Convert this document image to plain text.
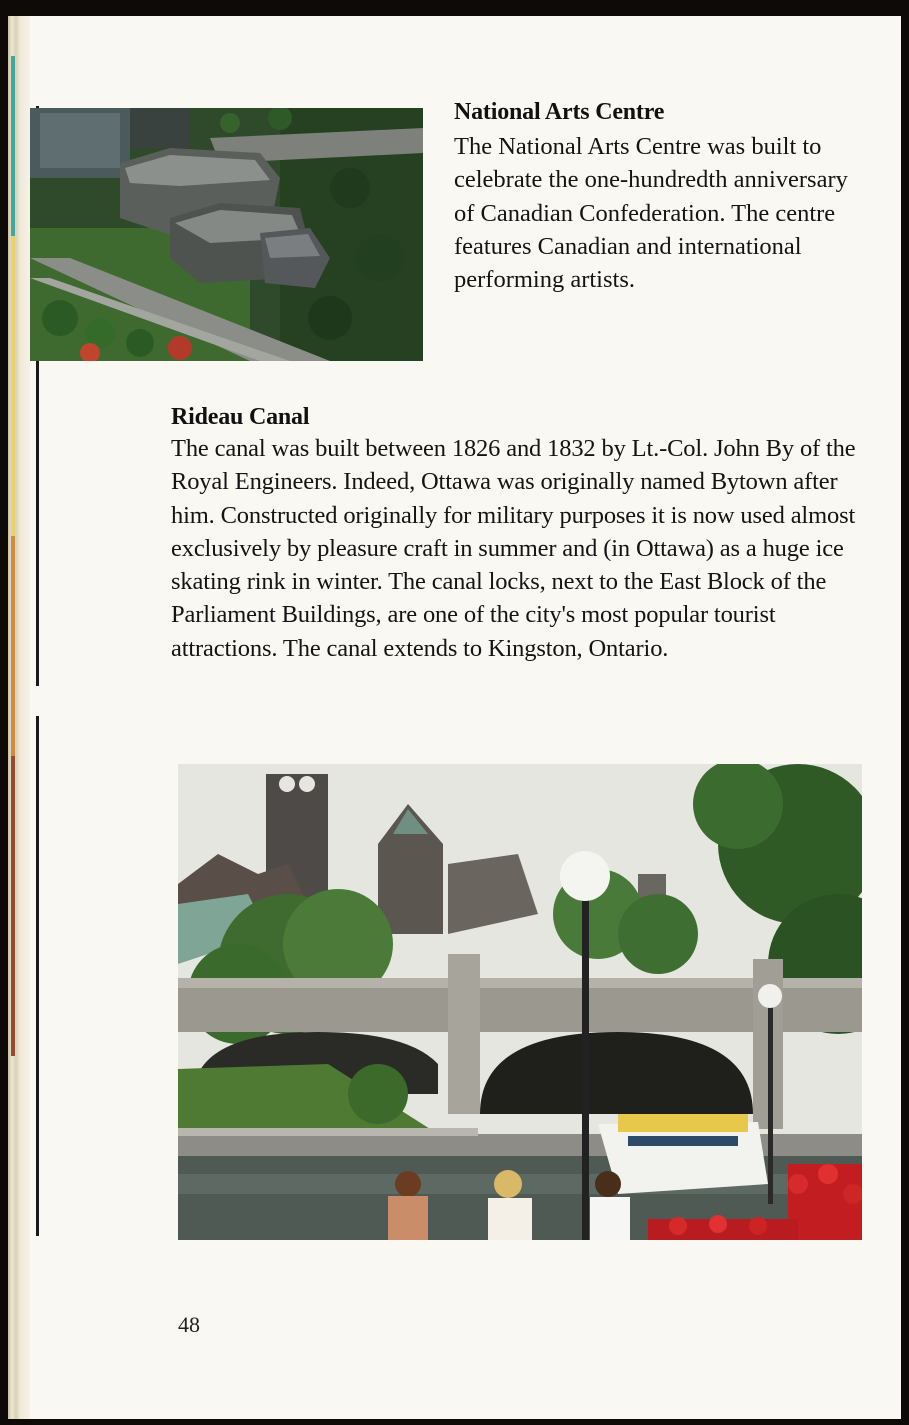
National Arts Centre

The National Arts Centre was built to celebrate the one-hundredth anniversary of Canadian Confederation. The centre features Canadian and international performing artists.

Rideau Canal

The canal was built between 1826 and 1832 by Lt.-Col. John By of the Royal Engineers. Indeed, Ottawa was originally named Bytown after him. Constructed originally for military purposes it is now used almost exclusively by pleasure craft in summer and (in Ottawa) as a huge ice skating rink in winter. The canal locks, next to the East Block of the Parliament Buildings, are one of the city's most popular tourist attractions. The canal extends to Kingston, Ontario.

48
